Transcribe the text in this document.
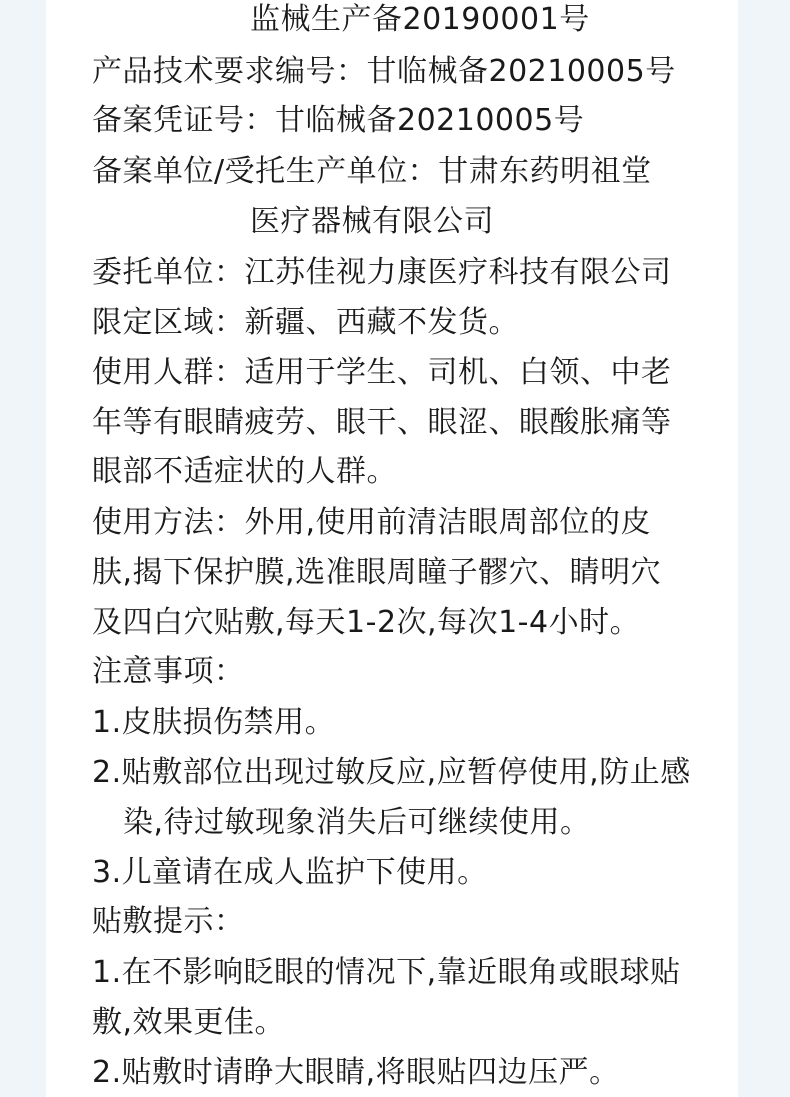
监械生产备20190001号
产品技术要求编号：甘临械备20210005号
备案凭证号：甘临械备20210005号
备案单位/受托生产单位：甘肃东药明祖堂
医疗器械有限公司
委托单位：江苏佳视力康医疗科技有限公司
限定区域：新疆、西藏不发货。
使用人群：适用于学生、司机、白领、中老
年等有眼睛疲劳、眼干、眼涩、眼酸胀痛等
眼部不适症状的人群。
使用方法：外用,使用前清洁眼周部位的皮
肤,揭下保护膜,选准眼周瞳子髎穴、睛明穴
及四白穴贴敷,每天1-2次,每次1-4小时。
注意事项：
1.皮肤损伤禁用。
2.贴敷部位出现过敏反应,应暂停使用,防止感
染,待过敏现象消失后可继续使用。
3.儿童请在成人监护下使用。
贴敷提示：
1.在不影响眨眼的情况下,靠近眼角或眼球贴
敷,效果更佳。
2.贴敷时请睁大眼睛,将眼贴四边压严。
